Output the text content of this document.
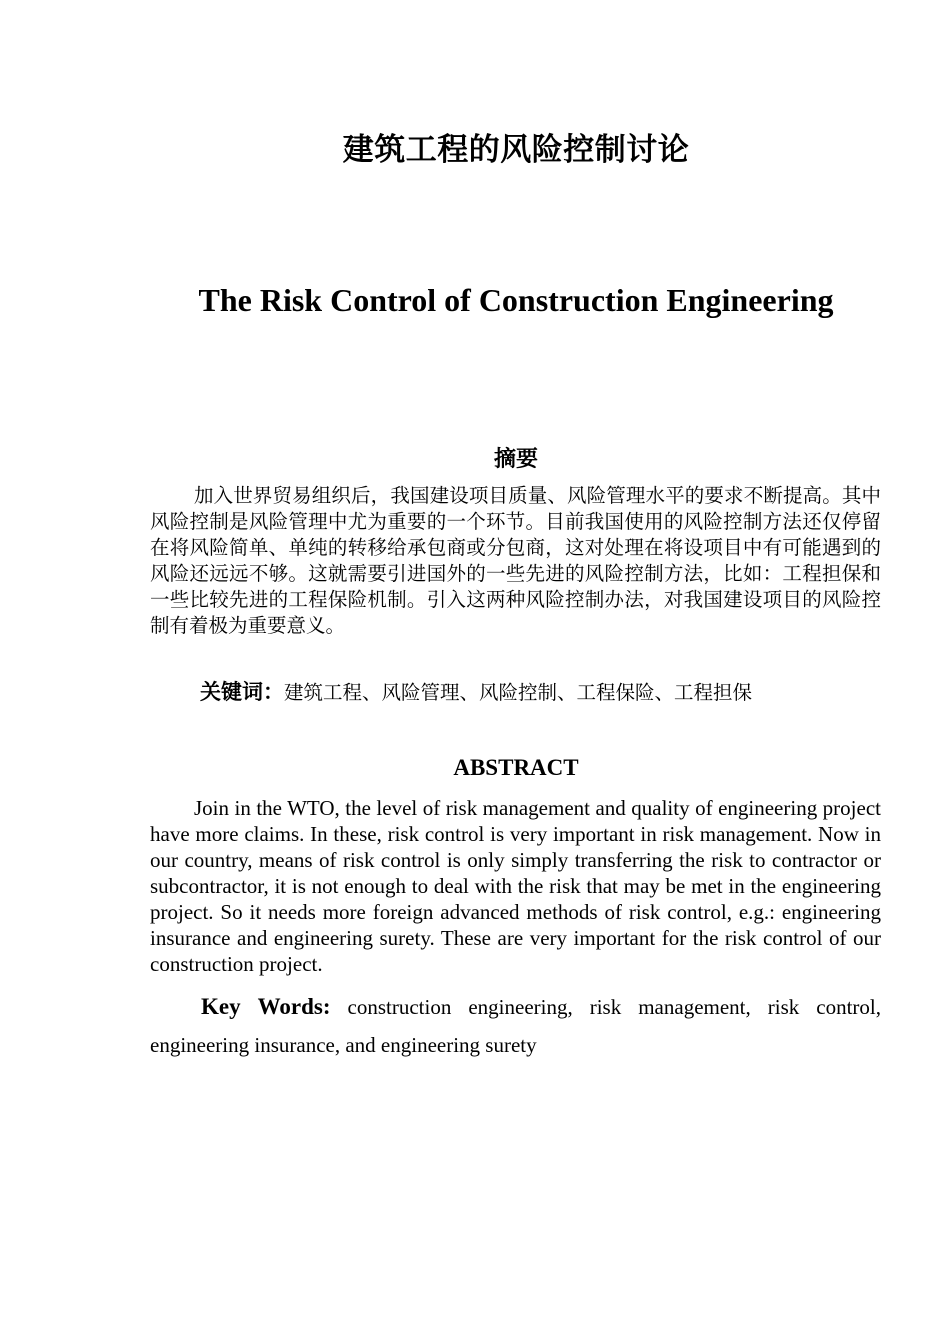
建筑工程的风险控制讨论
The Risk Control of Construction Engineering
摘要

加入世界贸易组织后，我国建设项目质量、风险管理水平的要求不断提高。其中风险控制是风险管理中尤为重要的一个环节。目前我国使用的风险控制方法还仅停留在将风险简单、单纯的转移给承包商或分包商，这对处理在将设项目中有可能遇到的风险还远远不够。这就需要引进国外的一些先进的风险控制方法，比如：工程担保和一些比较先进的工程保险机制。引入这两种风险控制办法，对我国建设项目的风险控制有着极为重要意义。

关键词：建筑工程、风险管理、风险控制、工程保险、工程担保
ABSTRACT

Join in the WTO, the level of risk management and quality of engineering project have more claims. In these, risk control is very important in risk management. Now in our country, means of risk control is only simply transferring the risk to contractor or subcontractor, it is not enough to deal with the risk that may be met in the engineering project. So it needs more foreign advanced methods of risk control, e.g.: engineering insurance and engineering surety. These are very important for the risk control of our construction project.

Key Words: construction engineering, risk management, risk control, engineering insurance, and engineering surety
